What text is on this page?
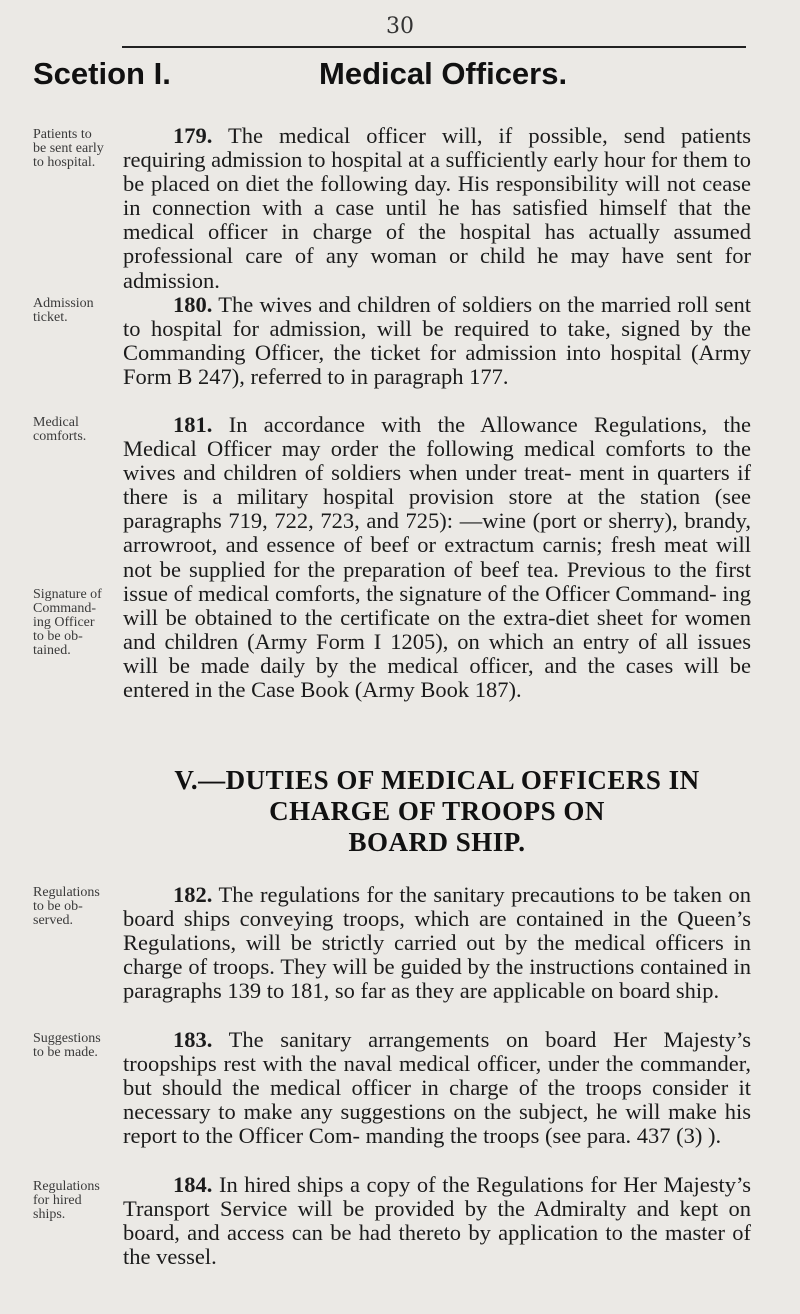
30
Scetion I.	Medical Officers.
Patients to
be sent early
to hospital.
Admission
ticket.
Medical
comforts.
Signature of
Command-
ing Officer
to be ob-
tained.
Regulations
to be ob-
served.
Suggestions
to be made.
Regulations
for hired
ships.
179. The medical officer will, if possible, send patients requiring admission to hospital at a sufficiently early hour for them to be placed on diet the following day. His responsibility will not cease in connection with a case until he has satisfied himself that the medical officer in charge of the hospital has actually assumed professional care of any woman or child he may have sent for admission.
180. The wives and children of soldiers on the married roll sent to hospital for admission, will be required to take, signed by the Commanding Officer, the ticket for admission into hospital (Army Form B 247), referred to in paragraph 177.
181. In accordance with the Allowance Regulations, the Medical Officer may order the following medical comforts to the wives and children of soldiers when under treat- ment in quarters if there is a military hospital provision store at the station (see paragraphs 719, 722, 723, and 725): —wine (port or sherry), brandy, arrowroot, and essence of beef or extractum carnis; fresh meat will not be supplied for the preparation of beef tea. Previous to the first issue of medical comforts, the signature of the Officer Command- ing will be obtained to the certificate on the extra-diet sheet for women and children (Army Form I 1205), on which an entry of all issues will be made daily by the medical officer, and the cases will be entered in the Case Book (Army Book 187).
V.—DUTIES OF MEDICAL OFFICERS IN
CHARGE OF TROOPS ON
BOARD SHIP.
182. The regulations for the sanitary precautions to be taken on board ships conveying troops, which are contained in the Queen’s Regulations, will be strictly carried out by the medical officers in charge of troops. They will be guided by the instructions contained in paragraphs 139 to 181, so far as they are applicable on board ship.
183. The sanitary arrangements on board Her Majesty’s troopships rest with the naval medical officer, under the commander, but should the medical officer in charge of the troops consider it necessary to make any suggestions on the subject, he will make his report to the Officer Com- manding the troops (see para. 437 (3) ).
184. In hired ships a copy of the Regulations for Her Majesty’s Transport Service will be provided by the Admiralty and kept on board, and access can be had thereto by application to the master of the vessel.
